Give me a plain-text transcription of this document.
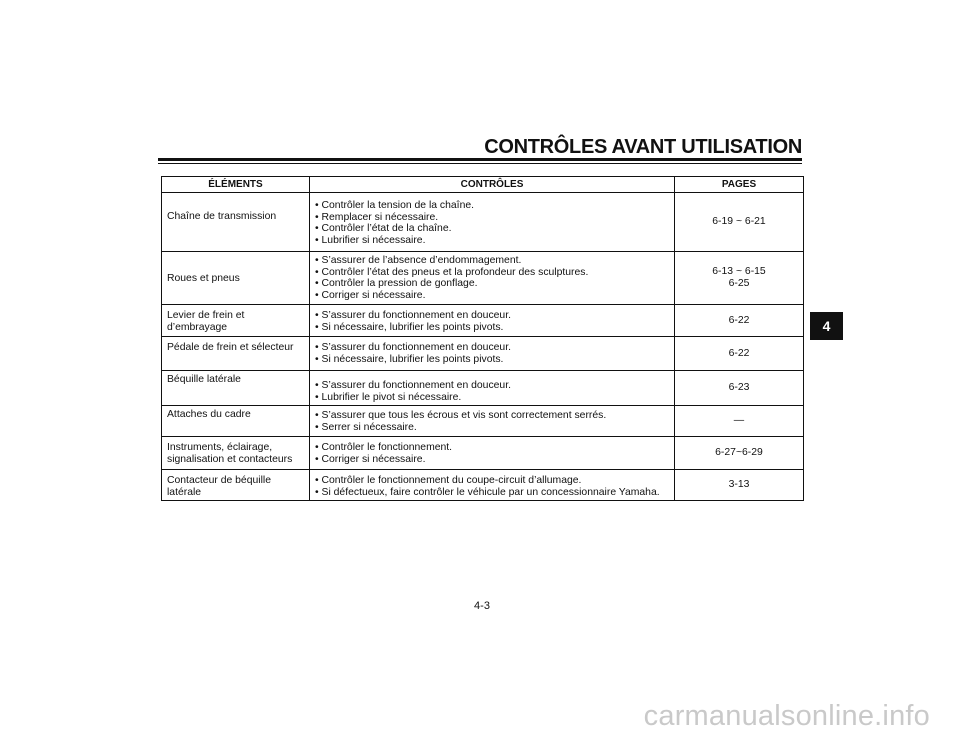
CONTRÔLES AVANT UTILISATION
ÉLÉMENTS	CONTRÔLES	PAGES

Chaîne de transmission	• Contrôler la tension de la chaîne.
• Remplacer si nécessaire.
• Contrôler l’état de la chaîne.
• Lubrifier si nécessaire.	6-19 ~ 6-21

Roues et pneus	• S’assurer de l’absence d’endommagement.
• Contrôler l’état des pneus et la profondeur des sculptures.
• Contrôler la pression de gonflage.
• Corriger si nécessaire.	6-13 ~ 6-15
6-25

Levier de frein et d’embrayage	• S’assurer du fonctionnement en douceur.
• Si nécessaire, lubrifier les points pivots.	6-22

Pédale de frein et sélecteur	• S’assurer du fonctionnement en douceur.
• Si nécessaire, lubrifier les points pivots.	6-22

Béquille latérale	• S’assurer du fonctionnement en douceur.
• Lubrifier le pivot si nécessaire.	6-23

Attaches du cadre	• S’assurer que tous les écrous et vis sont correctement serrés.
• Serrer si nécessaire.	—

Instruments, éclairage,
signalisation et contacteurs	• Contrôler le fonctionnement.
• Corriger si nécessaire.	6-27~6-29

Contacteur de béquille latérale	• Contrôler le fonctionnement du coupe-circuit d’allumage.
• Si défectueux, faire contrôler le véhicule par un concessionnaire Yamaha.	3-13
4
4-3
carmanualsonline.info
